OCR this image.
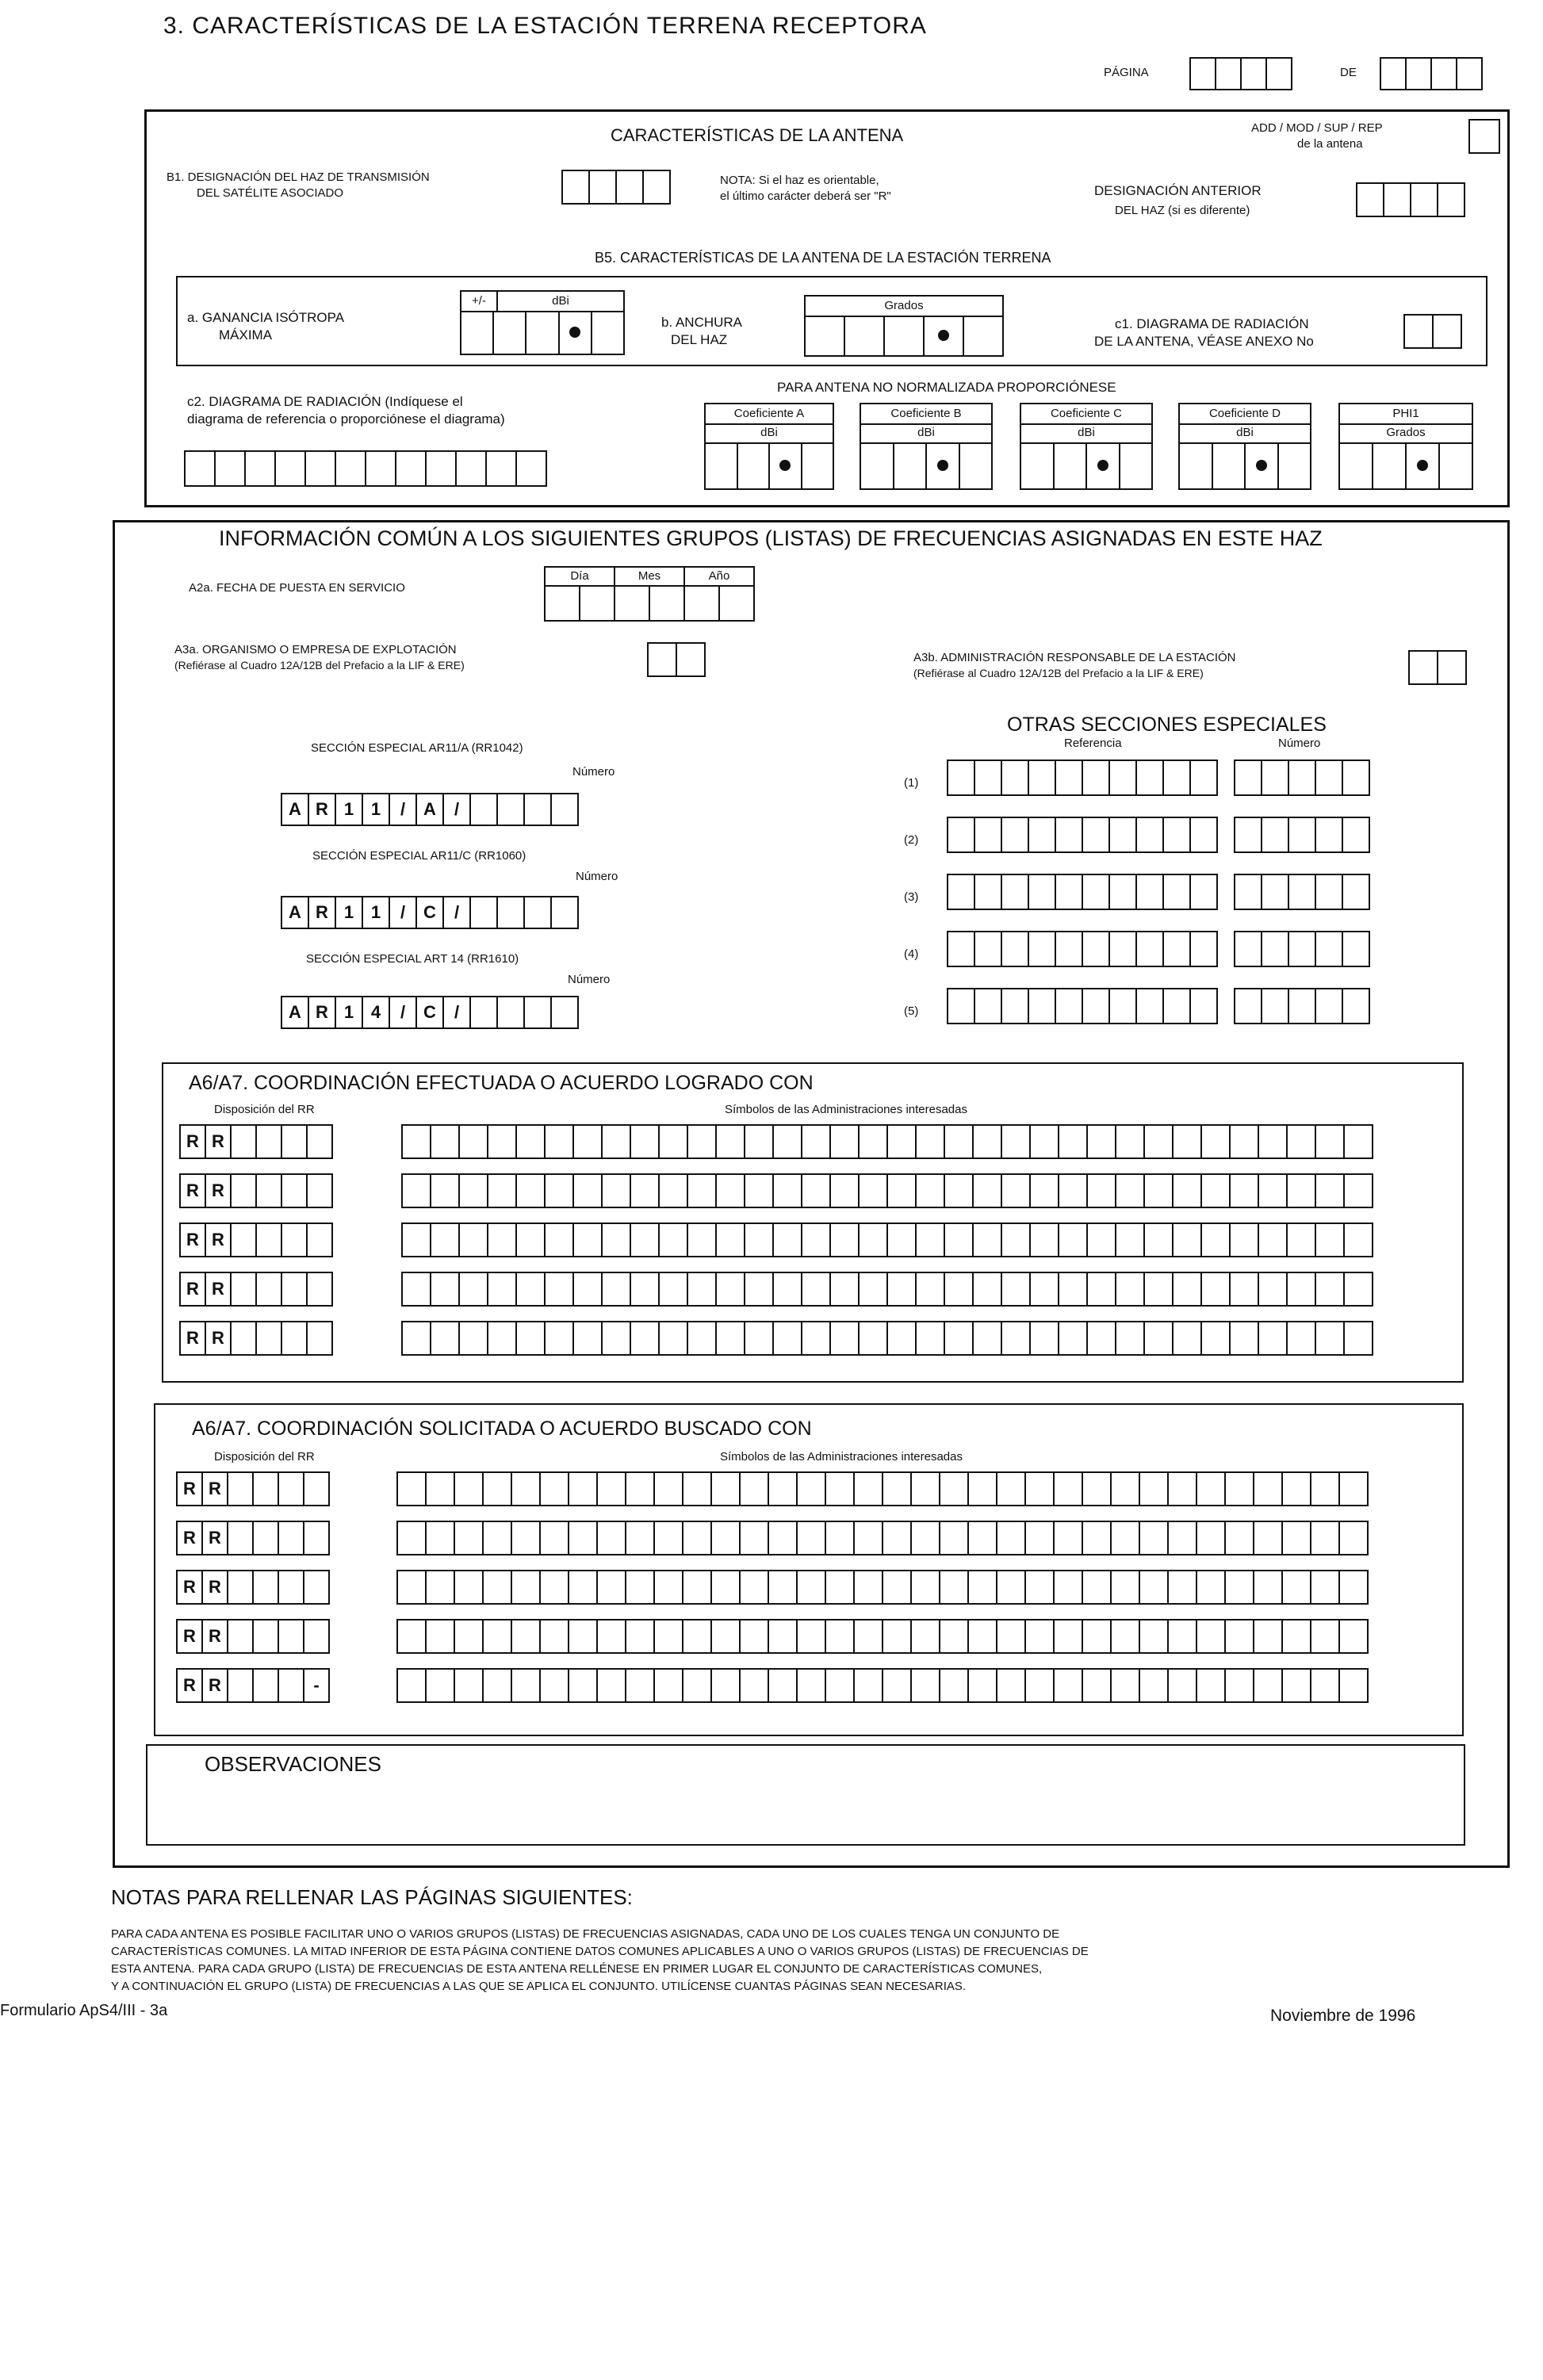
3. CARACTERÍSTICAS DE LA ESTACIÓN TERRENA RECEPTORA
PÁGINA	DE
CARACTERÍSTICAS DE LA ANTENA	ADD / MOD / SUP / REP
de la antena
B1. DESIGNACIÓN DEL HAZ DE TRANSMISIÓN
DEL SATÉLITE ASOCIADO
NOTA: Si el haz es orientable,
el último carácter deberá ser "R"	DESIGNACIÓN ANTERIOR
DEL HAZ (si es diferente)
B5. CARACTERÍSTICAS DE LA ANTENA DE LA ESTACIÓN TERRENA
a. GANANCIA ISÓTROPA
MÁXIMA
+/-	dBi
b. ANCHURA
DEL HAZ
Grados
c1. DIAGRAMA DE RADIACIÓN
DE LA ANTENA, VÉASE ANEXO No
c2. DIAGRAMA DE RADIACIÓN (Indíquese el
diagrama de referencia o proporciónese el diagrama)
PARA ANTENA NO NORMALIZADA PROPORCIÓNESE
Coeficiente A
dBi
Coeficiente B
dBi
Coeficiente C
dBi
Coeficiente D
dBi
PHI1
Grados
INFORMACIÓN COMÚN A LOS SIGUIENTES GRUPOS (LISTAS) DE FRECUENCIAS ASIGNADAS EN ESTE HAZ
A2a. FECHA DE PUESTA EN SERVICIO
Día	Mes	Año
A3a. ORGANISMO O EMPRESA DE EXPLOTACIÓN
(Refiérase al Cuadro 12A/12B del Prefacio a la LIF & ERE)
A3b. ADMINISTRACIÓN RESPONSABLE DE LA ESTACIÓN
(Refiérase al Cuadro 12A/12B del Prefacio a la LIF & ERE)
SECCIÓN ESPECIAL AR11/A (RR1042)
Número
A R 1 1	/	A	/
SECCIÓN ESPECIAL AR11/C (RR1060)
Número
A R 1 1	/	C	/
SECCIÓN ESPECIAL ART 14 (RR1610)
Número
A R 1 4	/	C	/
OTRAS SECCIONES ESPECIALES
Referencia	Número
(1)
(2)
(3)
(4)
(5)
A6/A7. COORDINACIÓN EFECTUADA O ACUERDO LOGRADO CON
Disposición del RR	Símbolos de las Administraciones interesadas
R R
R R
R R
R R
R R
A6/A7. COORDINACIÓN SOLICITADA O ACUERDO BUSCADO CON
Disposición del RR	Símbolos de las Administraciones interesadas
R R
R R
R R
R R
R R	-
OBSERVACIONES
NOTAS PARA RELLENAR LAS PÁGINAS SIGUIENTES:
PARA CADA ANTENA ES POSIBLE FACILITAR UNO O VARIOS GRUPOS (LISTAS) DE FRECUENCIAS ASIGNADAS, CADA UNO DE LOS CUALES TENGA UN CONJUNTO DE
CARACTERÍSTICAS COMUNES. LA MITAD INFERIOR DE ESTA PÁGINA CONTIENE DATOS COMUNES APLICABLES A UNO O VARIOS GRUPOS (LISTAS) DE FRECUENCIAS DE
ESTA ANTENA. PARA CADA GRUPO (LISTA) DE FRECUENCIAS DE ESTA ANTENA RELLÉNESE EN PRIMER LUGAR EL CONJUNTO DE CARACTERÍSTICAS COMUNES,
Y A CONTINUACIÓN EL GRUPO (LISTA) DE FRECUENCIAS A LAS QUE SE APLICA EL CONJUNTO. UTILÍCENSE CUANTAS PÁGINAS SEAN NECESARIAS.
Formulario ApS4/III - 3a	Noviembre de 1996
